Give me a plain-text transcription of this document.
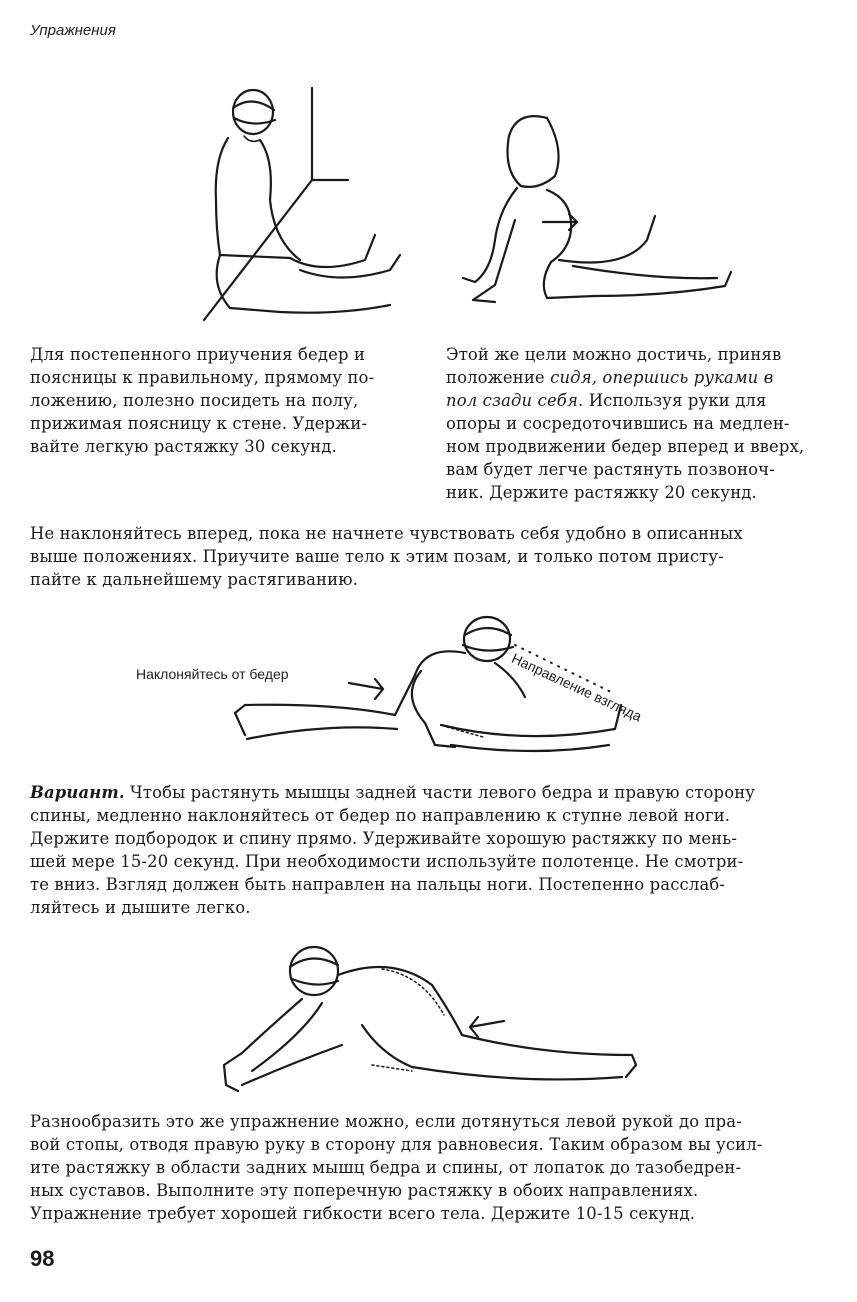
Упражнения
Для постепенного приучения бедер и
поясницы к правильному, прямому по-
ложению, полезно посидеть на полу,
прижимая поясницу к стене. Удержи-
вайте легкую растяжку 30 секунд.
Этой же цели можно достичь, приняв
положение сидя, опершись руками в
пол сзади себя. Используя руки для
опоры и сосредоточившись на медлен-
ном продвижении бедер вперед и вверх,
вам будет легче растянуть позвоноч-
ник. Держите растяжку 20 секунд.
Не наклоняйтесь вперед, пока не начнете чувствовать себя удобно в описанных
выше положениях. Приучите ваше тело к этим позам, и только потом присту-
пайте к дальнейшему растягиванию.
Наклоняйтесь от бедер	Направление взгляда
Вариант. Чтобы растянуть мышцы задней части левого бедра и правую сторону
спины, медленно наклоняйтесь от бедер по направлению к ступне левой ноги.
Держите подбородок и спину прямо. Удерживайте хорошую растяжку по мень-
шей мере 15-20 секунд. При необходимости используйте полотенце. Не смотри-
те вниз. Взгляд должен быть направлен на пальцы ноги. Постепенно расслаб-
ляйтесь и дышите легко.
Разнообразить это же упражнение можно, если дотянуться левой рукой до пра-
вой стопы, отводя правую руку в сторону для равновесия. Таким образом вы усил-
ите растяжку в области задних мышц бедра и спины, от лопаток до тазобедрен-
ных суставов. Выполните эту поперечную растяжку в обоих направлениях.
Упражнение требует хорошей гибкости всего тела. Держите 10-15 секунд.
98
